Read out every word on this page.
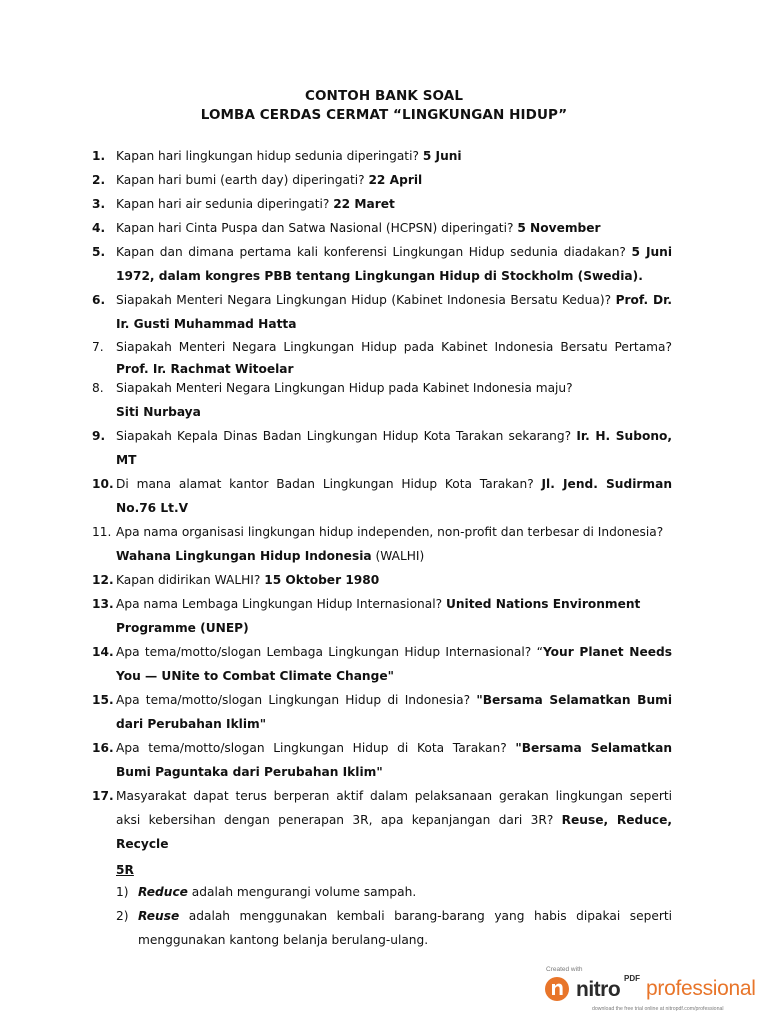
CONTOH BANK SOAL
LOMBA CERDAS CERMAT “LINGKUNGAN HIDUP”
1. Kapan hari lingkungan hidup sedunia diperingati? 5 Juni
2. Kapan hari bumi (earth day) diperingati? 22 April
3. Kapan hari air sedunia diperingati? 22 Maret
4. Kapan hari Cinta Puspa dan Satwa Nasional (HCPSN) diperingati? 5 November
5. Kapan dan dimana pertama kali konferensi Lingkungan Hidup sedunia diadakan? 5 Juni 1972, dalam kongres PBB tentang Lingkungan Hidup di Stockholm (Swedia).
6. Siapakah Menteri Negara Lingkungan Hidup (Kabinet Indonesia Bersatu Kedua)? Prof. Dr. Ir. Gusti Muhammad Hatta
7.	Siapakah Menteri Negara Lingkungan Hidup pada Kabinet Indonesia Bersatu Pertama? Prof. Ir. Rachmat Witoelar
8.	Siapakah Menteri Negara Lingkungan Hidup pada Kabinet Indonesia maju?
Siti Nurbaya
9. Siapakah Kepala Dinas Badan Lingkungan Hidup Kota Tarakan sekarang? Ir. H. Subono, MT
10. Di mana alamat kantor Badan Lingkungan Hidup Kota Tarakan? Jl. Jend. Sudirman No.76 Lt.V
11. Apa nama organisasi lingkungan hidup independen, non-profit dan terbesar di Indonesia? Wahana Lingkungan Hidup Indonesia (WALHI)
12. Kapan didirikan WALHI? 15 Oktober 1980
13. Apa nama Lembaga Lingkungan Hidup Internasional? United Nations Environment Programme (UNEP)
14. Apa tema/motto/slogan Lembaga Lingkungan Hidup Internasional? “Your Planet Needs You — UNite to Combat Climate Change"
15. Apa tema/motto/slogan Lingkungan Hidup di Indonesia? "Bersama Selamatkan Bumi dari Perubahan Iklim"
16. Apa tema/motto/slogan Lingkungan Hidup di Kota Tarakan? "Bersama Selamatkan Bumi Paguntaka dari Perubahan Iklim"
17. Masyarakat dapat terus berperan aktif dalam pelaksanaan gerakan lingkungan seperti aksi kebersihan dengan penerapan 3R, apa kepanjangan dari 3R? Reuse, Reduce, Recycle
5R
1) Reduce adalah mengurangi volume sampah.
2) Reuse adalah menggunakan kembali barang-barang yang habis dipakai seperti menggunakan kantong belanja berulang-ulang.
Created with
nitro PDF professional
download the free trial online at nitropdf.com/professional
